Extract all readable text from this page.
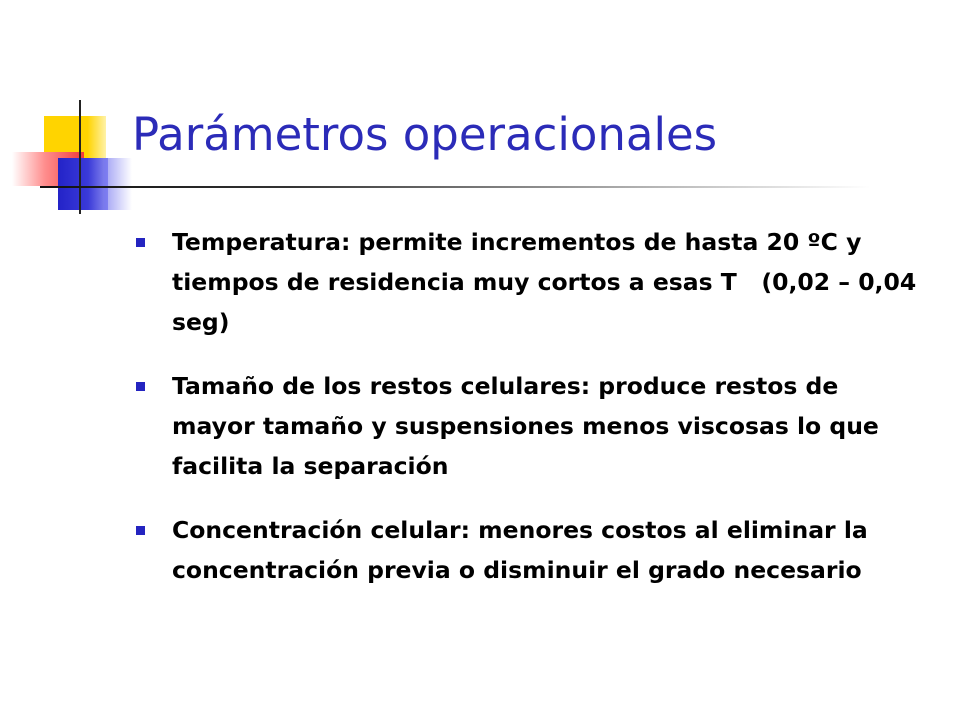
Parámetros operacionales
Temperatura: permite incrementos de hasta 20 ºC y tiempos de residencia muy cortos a esas T   (0,02 – 0,04 seg)
Tamaño de los restos celulares: produce restos de mayor tamaño y suspensiones menos viscosas lo que facilita la separación
Concentración celular: menores costos al eliminar la concentración previa o disminuir el grado necesario
